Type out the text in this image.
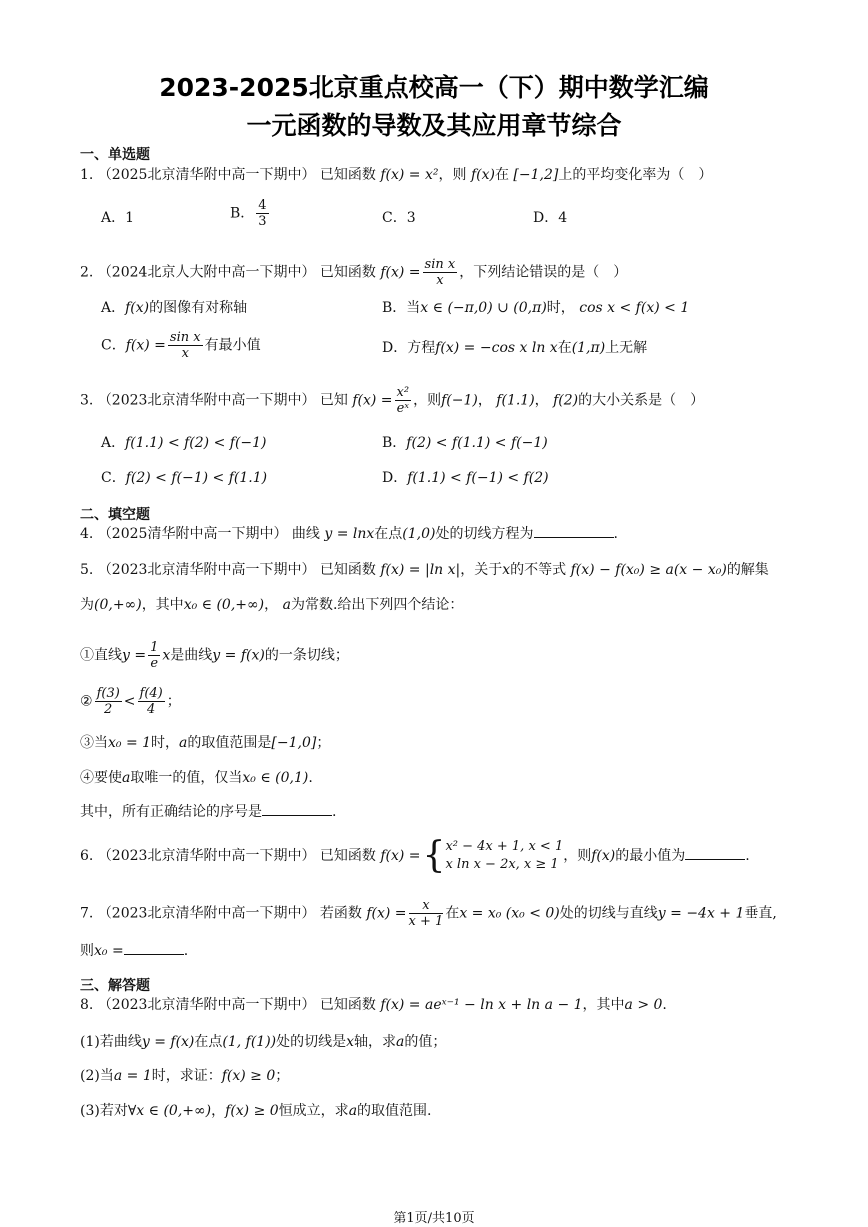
2023-2025北京重点校高一（下）期中数学汇编
一元函数的导数及其应用章节综合
一、单选题
1. （2025北京清华附中高一下期中） 已知函数 f(x) = x²，则 f(x)在 [−1,2]上的平均变化率为（　）
A．1	B． $\frac{4}{3}$	C．3	D．4
2. （2024北京人大附中高一下期中） 已知函数 $f(x) = \frac{\text{sin x}}{x}$ ，下列结论错误的是（　）
A．f(x)的图像有对称轴	B．当x ∈ (−π,0) ∪ (0,π)时， cos x < f(x) < 1
C．$f(x) = \frac{\text{sin x}}{x}$ 有最小值	D．方程f(x) = −cos x ln x在(1,π)上无解
3. （2023北京清华附中高一下期中） 已知 $f(x) = \frac{\text{x²}}{\text{eˣ}}$ ，则f(−1)， f(1.1)， f(2)的大小关系是（　）
A．f(1.1) < f(2) < f(−1)	B．f(2) < f(1.1) < f(−1)
C．f(2) < f(−1) < f(1.1)	D．f(1.1) < f(−1) < f(2)
二、填空题
4. （2025清华附中高一下期中） 曲线 y = lnx在点(1,0)处的切线方程为	.
5. （2023北京清华附中高一下期中） 已知函数 f(x) = |ln x|，关于x的不等式 f(x) − f(x₀) ≥ a(x − x₀)的解集
为(0,+∞)，其中x₀ ∈ (0,+∞)， a为常数.给出下列四个结论：
①直线$y = \frac{1}{e}$ x是曲线y = f(x)的一条切线；
② $\frac{f(3)}{2} < \frac{f(4)}{4}$ ；
③当x₀ = 1时，a的取值范围是[−1,0]；
④要使a取唯一的值，仅当x₀ ∈ (0,1).
其中，所有正确结论的序号是	.
6. （2023北京清华附中高一下期中） 已知函数 f(x) ={ x² − 4x + 1, x < 1
x ln x − 2x, x ≥ 1
，则f(x)的最小值为	.
7. （2023北京清华附中高一下期中） 若函数 $f(x) = \frac{x}{x + 1}$ 在x = x₀ (x₀ < 0)处的切线与直线y = −4x + 1垂直,
则x₀ =	.
三、解答题
8. （2023北京清华附中高一下期中） 已知函数 f(x) = aeˣ⁻¹ − ln x + ln a − 1，其中a > 0.
(1)若曲线y = f(x)在点(1, f(1))处的切线是x轴，求a的值；
(2)当a = 1时，求证：f(x) ≥ 0；
(3)若对∀x ∈ (0,+∞)，f(x) ≥ 0恒成立，求a的取值范围.
第1页/共10页
